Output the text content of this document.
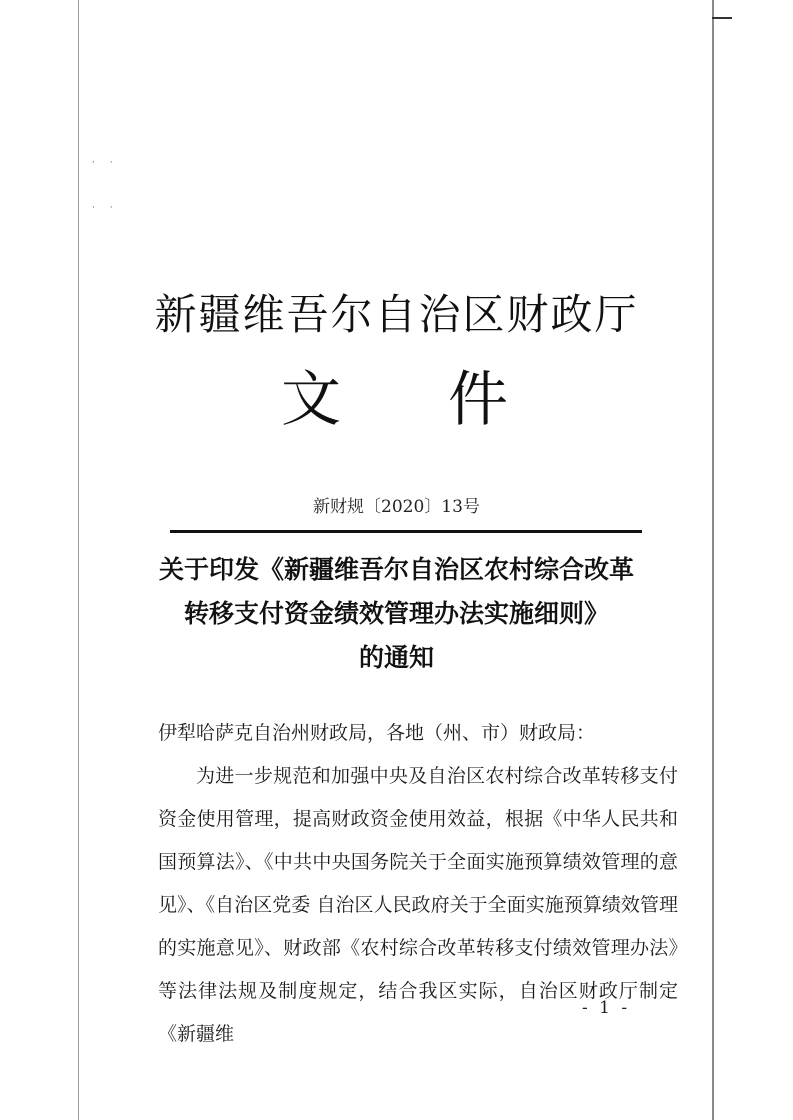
· ·
· ·
新疆维吾尔自治区财政厅
文 件
新财规〔2020〕13号
关于印发《新疆维吾尔自治区农村综合改革
转移支付资金绩效管理办法实施细则》
的通知

伊犁哈萨克自治州财政局，各地（州、市）财政局：

为进一步规范和加强中央及自治区农村综合改革转移支付资金使用管理，提高财政资金使用效益，根据《中华人民共和国预算法》、《中共中央国务院关于全面实施预算绩效管理的意见》、《自治区党委 自治区人民政府关于全面实施预算绩效管理的实施意见》、财政部《农村综合改革转移支付绩效管理办法》等法律法规及制度规定，结合我区实际，自治区财政厅制定《新疆维

- 1 -
